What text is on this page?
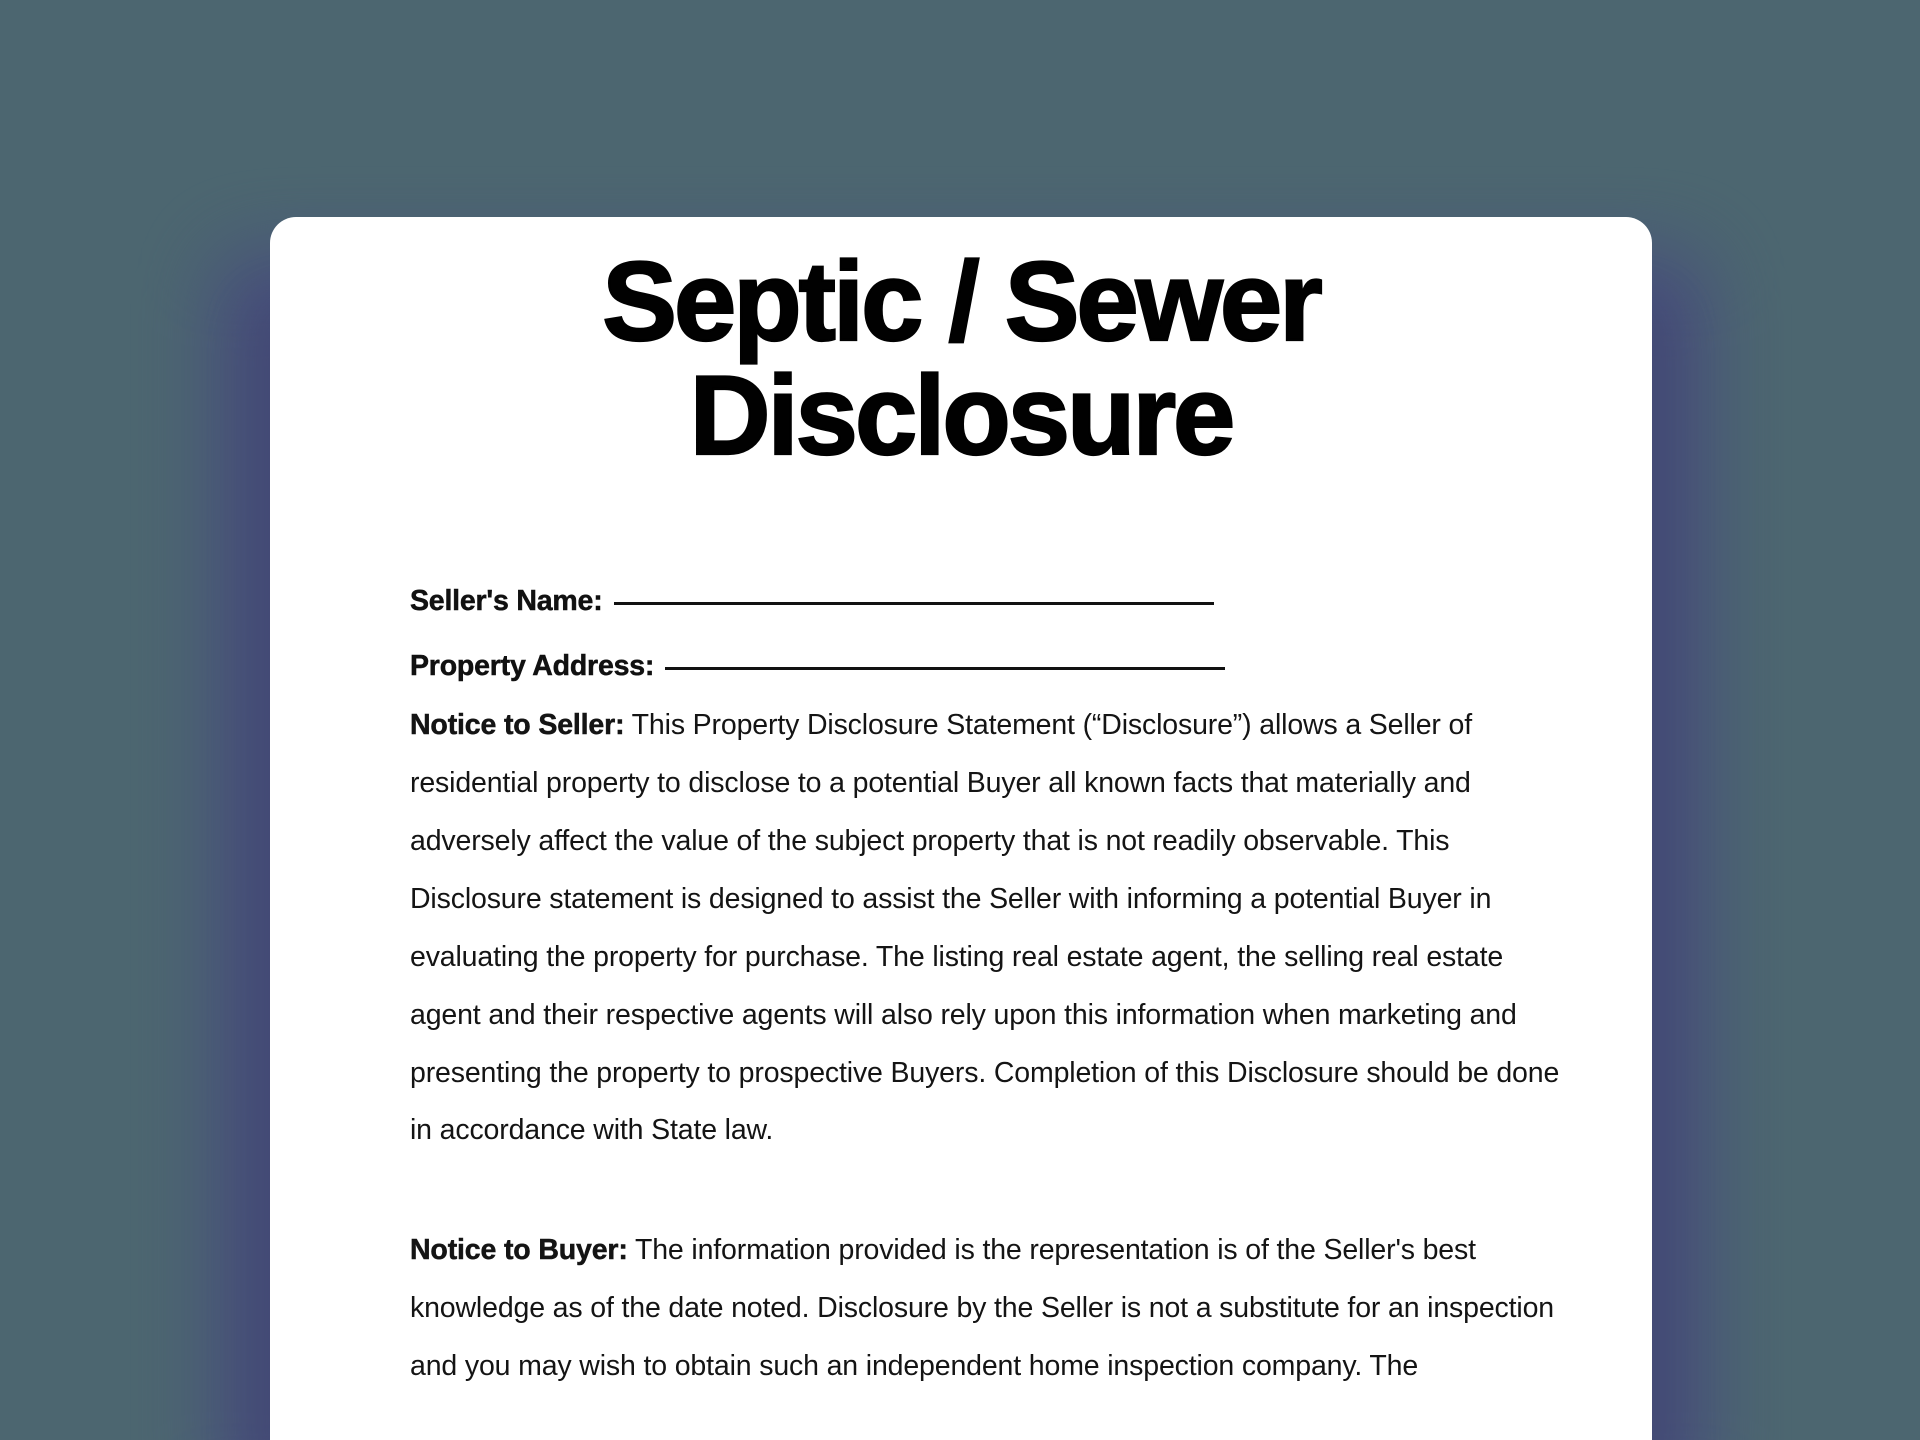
Septic / Sewer Disclosure
Seller's Name:
Property Address:

Notice to Seller: This Property Disclosure Statement (“Disclosure”) allows a Seller of residential property to disclose to a potential Buyer all known facts that materially and adversely affect the value of the subject property that is not readily observable. This Disclosure statement is designed to assist the Seller with informing a potential Buyer in evaluating the property for purchase. The listing real estate agent, the selling real estate agent and their respective agents will also rely upon this information when marketing and presenting the property to prospective Buyers. Completion of this Disclosure should be done in accordance with State law.

Notice to Buyer: The information provided is the representation is of the Seller's best knowledge as of the date noted. Disclosure by the Seller is not a substitute for an inspection and you may wish to obtain such an independent home inspection company. The
